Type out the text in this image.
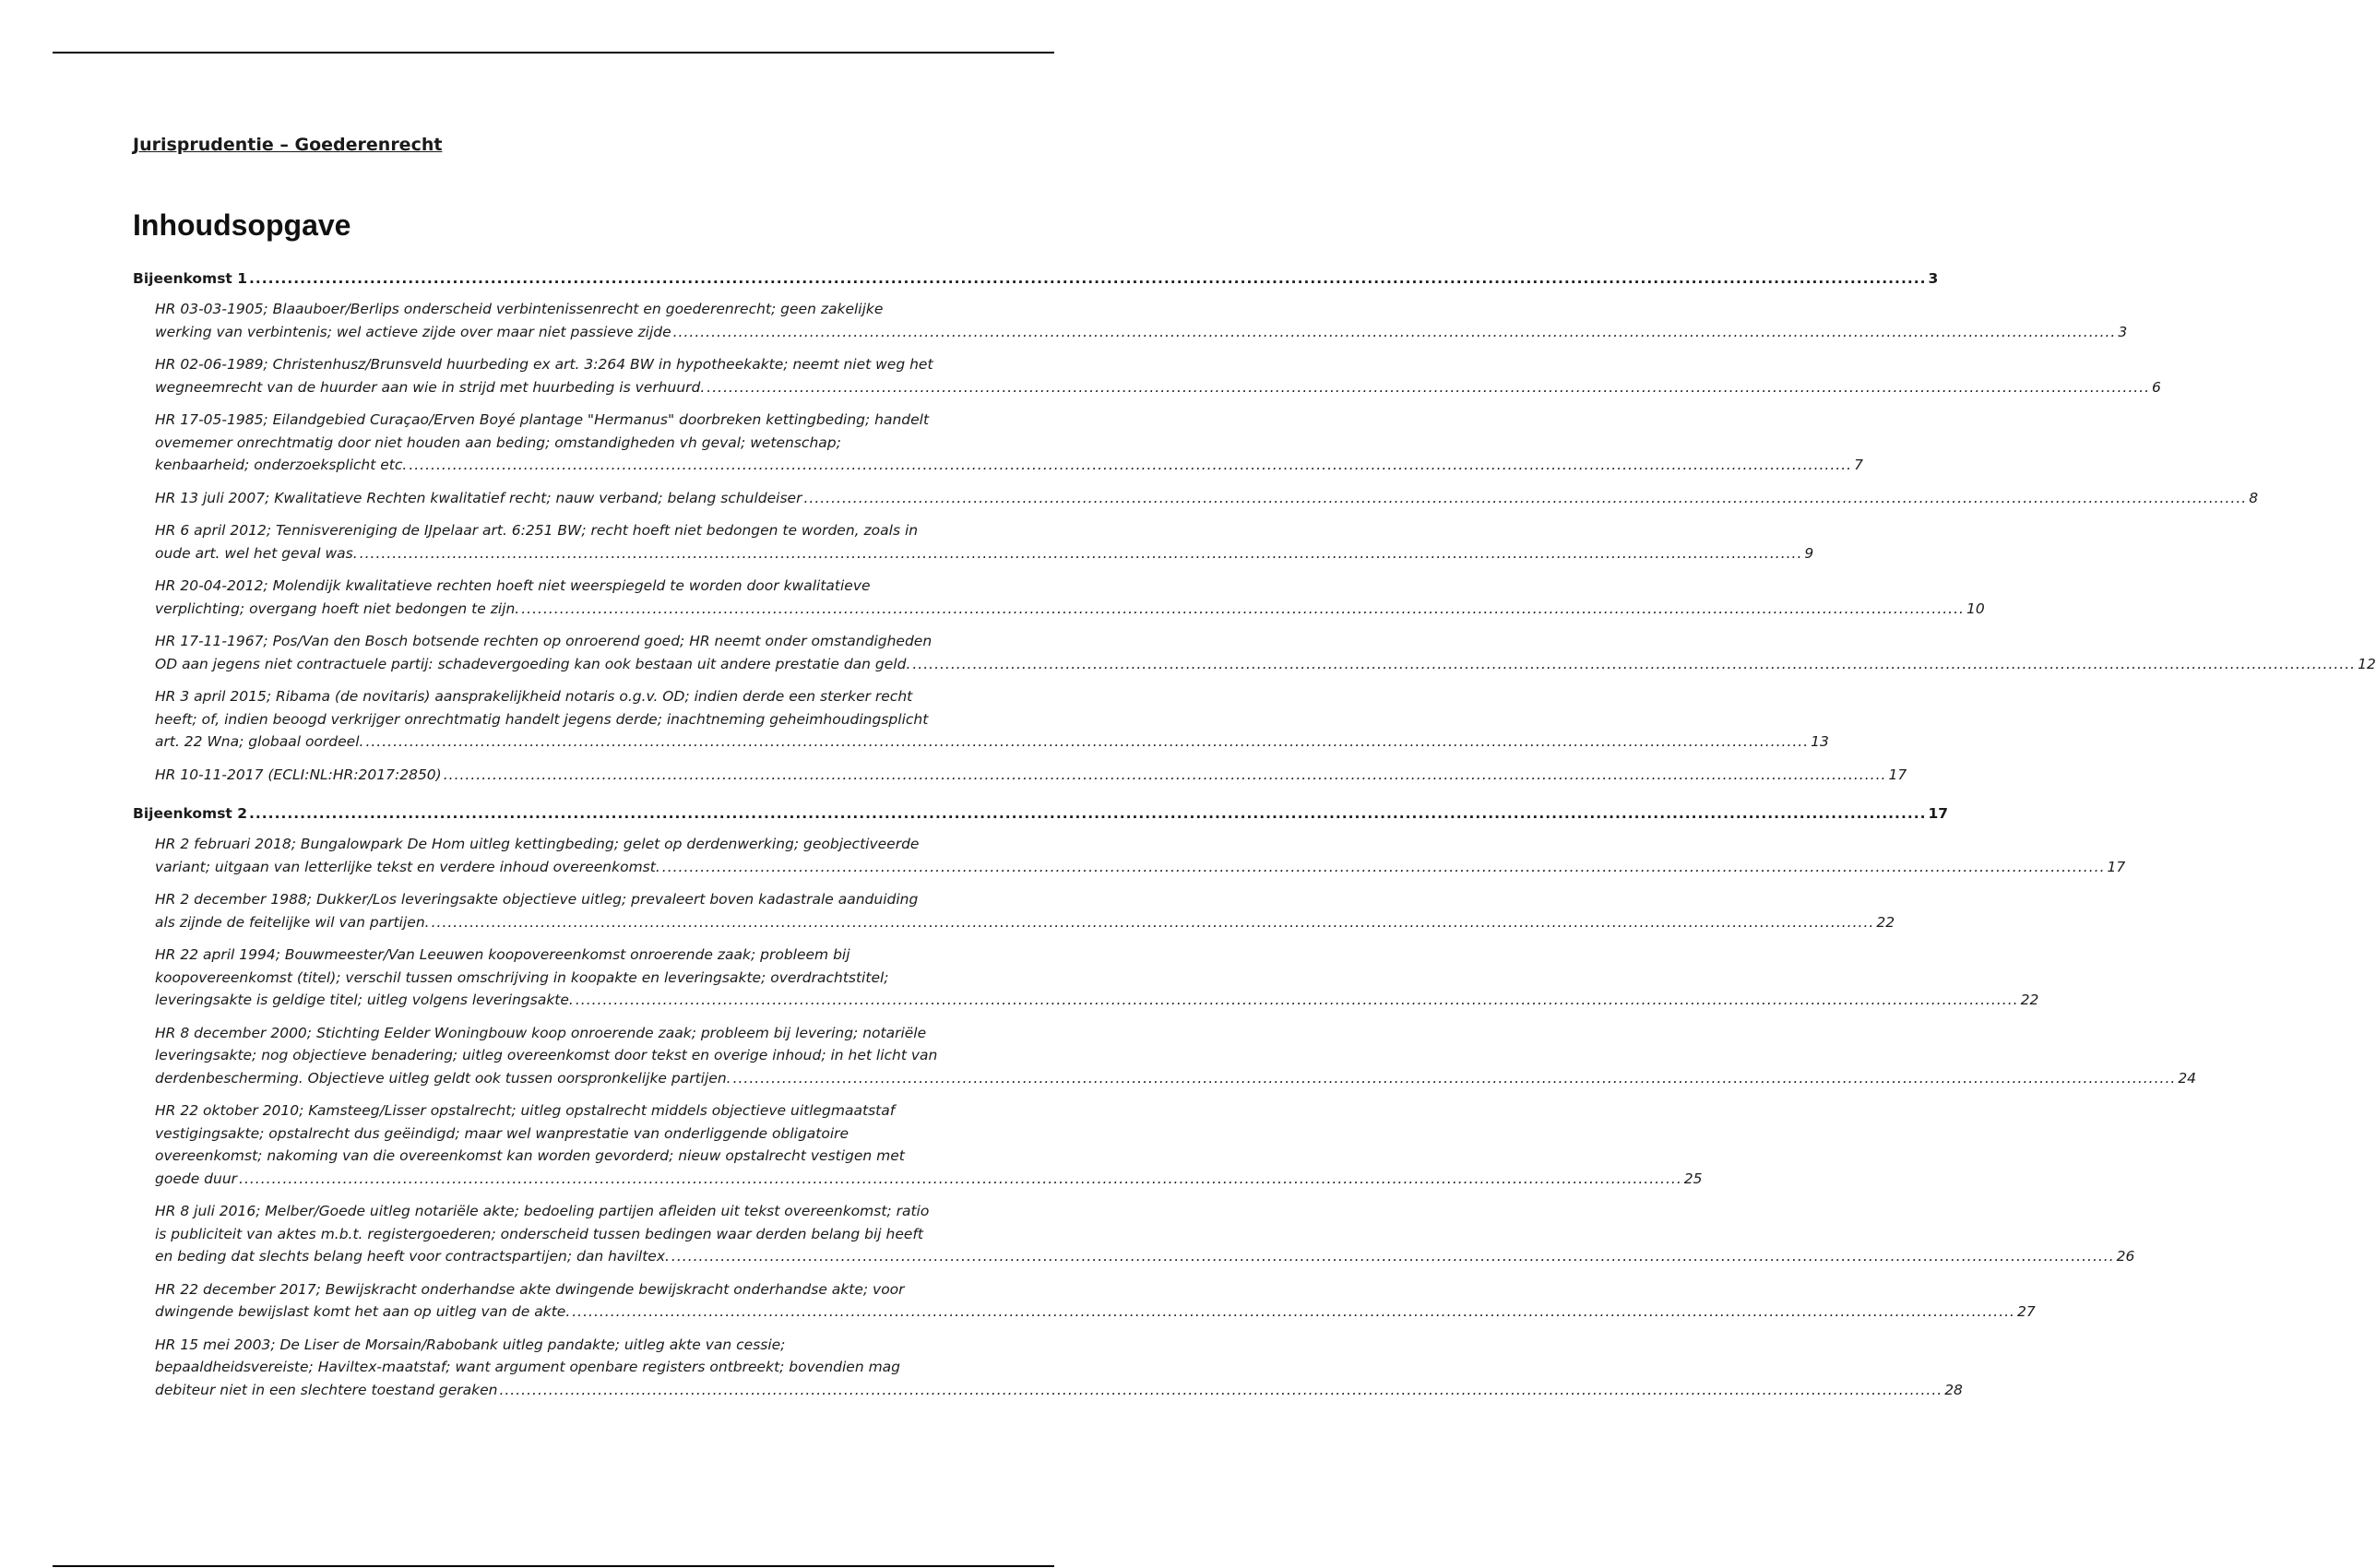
Jurisprudentie – Goederenrecht
Inhoudsopgave
Bijeenkomst 1 .....	3
HR 03-03-1905; Blaauboer/Berlips onderscheid verbintenissenrecht en goederenrecht; geen zakelijke
werking van verbintenis; wel actieve zijde over maar niet passieve zijde .....	3
HR 02-06-1989; Christenhusz/Brunsveld huurbeding ex art. 3:264 BW in hypotheekakte; neemt niet weg het
wegneemrecht van de huurder aan wie in strijd met huurbeding is verhuurd. .....	6
HR 17-05-1985; Eilandgebied Curaçao/Erven Boyé plantage "Hermanus" doorbreken kettingbeding; handelt
ovememer onrechtmatig door niet houden aan beding; omstandigheden vh geval; wetenschap;
kenbaarheid; onderzoeksplicht etc. .....	7
HR 13 juli 2007; Kwalitatieve Rechten kwalitatief recht; nauw verband; belang schuldeiser .....	8
HR 6 april 2012; Tennisvereniging de IJpelaar art. 6:251 BW; recht hoeft niet bedongen te worden, zoals in
oude art. wel het geval was. .....	9
HR 20-04-2012; Molendijk kwalitatieve rechten hoeft niet weerspiegeld te worden door kwalitatieve
verplichting; overgang hoeft niet bedongen te zijn. .....	10
HR 17-11-1967; Pos/Van den Bosch botsende rechten op onroerend goed; HR neemt onder omstandigheden
OD aan jegens niet contractuele partij: schadevergoeding kan ook bestaan uit andere prestatie dan geld. .....	12
HR 3 april 2015; Ribama (de novitaris) aansprakelijkheid notaris o.g.v. OD; indien derde een sterker recht
heeft; of, indien beoogd verkrijger onrechtmatig handelt jegens derde; inachtneming geheimhoudingsplicht
art. 22 Wna; globaal oordeel. .....	13
HR 10-11-2017 (ECLI:NL:HR:2017:2850) .....	17
Bijeenkomst 2 .....	17
HR 2 februari 2018; Bungalowpark De Hom uitleg kettingbeding; gelet op derdenwerking; geobjectiveerde
variant; uitgaan van letterlijke tekst en verdere inhoud overeenkomst. .....	17
HR 2 december 1988; Dukker/Los leveringsakte objectieve uitleg; prevaleert boven kadastrale aanduiding
als zijnde de feitelijke wil van partijen. .....	22
HR 22 april 1994; Bouwmeester/Van Leeuwen koopovereenkomst onroerende zaak; probleem bij
koopovereenkomst (titel); verschil tussen omschrijving in koopakte en leveringsakte; overdrachtstitel;
leveringsakte is geldige titel; uitleg volgens leveringsakte. .....	22
HR 8 december 2000; Stichting Eelder Woningbouw koop onroerende zaak; probleem bij levering; notariële
leveringsakte; nog objectieve benadering; uitleg overeenkomst door tekst en overige inhoud; in het licht van
derdenbescherming. Objectieve uitleg geldt ook tussen oorspronkelijke partijen. .....	24
HR 22 oktober 2010; Kamsteeg/Lisser opstalrecht; uitleg opstalrecht middels objectieve uitlegmaatstaf
vestigingsakte; opstalrecht dus geëindigd; maar wel wanprestatie van onderliggende obligatoire
overeenkomst; nakoming van die overeenkomst kan worden gevorderd; nieuw opstalrecht vestigen met
goede duur .....	25
HR 8 juli 2016; Melber/Goede uitleg notariële akte; bedoeling partijen afleiden uit tekst overeenkomst; ratio
is publiciteit van aktes m.b.t. registergoederen; onderscheid tussen bedingen waar derden belang bij heeft
en beding dat slechts belang heeft voor contractspartijen; dan haviltex. .....	26
HR 22 december 2017; Bewijskracht onderhandse akte dwingende bewijskracht onderhandse akte; voor
dwingende bewijslast komt het aan op uitleg van de akte. .....	27
HR 15 mei 2003; De Liser de Morsain/Rabobank uitleg pandakte; uitleg akte van cessie;
bepaaldheidsvereiste; Haviltex-maatstaf; want argument openbare registers ontbreekt; bovendien mag
debiteur niet in een slechtere toestand geraken .....	28
